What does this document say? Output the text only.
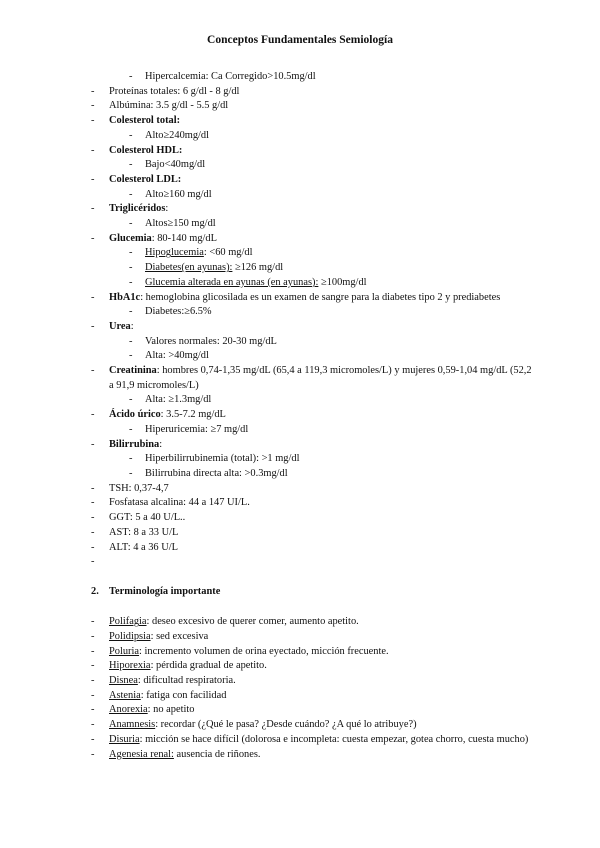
Conceptos Fundamentales Semiología
- Hipercalcemia: Ca Corregido>10.5mg/dl
- Proteínas totales: 6 g/dl - 8 g/dl
- Albúmina: 3.5 g/dl - 5.5 g/dl
- Colesterol total:
- Alto≥240mg/dl
- Colesterol HDL:
- Bajo<40mg/dl
- Colesterol LDL:
- Alto≥160 mg/dl
- Triglicéridos:
- Altos≥150 mg/dl
- Glucemia: 80-140 mg/dL
- Hipoglucemia: <60 mg/dl
- Diabetes(en ayunas): ≥126 mg/dl
- Glucemia alterada en ayunas (en ayunas): ≥100mg/dl
- HbA1c: hemoglobina glicosilada es un examen de sangre para la diabetes tipo 2 y prediabetes
- Diabetes:≥6.5%
- Urea:
- Valores normales: 20-30 mg/dL
- Alta: >40mg/dl
- Creatinina: hombres 0,74-1,35 mg/dL (65,4 a 119,3 micromoles/L) y mujeres 0,59-1,04 mg/dL (52,2 a 91,9 micromoles/L)
- Alta: ≥1.3mg/dl
- Ácido úrico: 3.5-7.2 mg/dL
- Hiperuricemia: ≥7 mg/dl
- Bilirrubina:
- Hiperbilirrubinemia (total): >1 mg/dl
- Bilirrubina directa alta: >0.3mg/dl
- TSH: 0,37-4,7
- Fosfatasa alcalina: 44 a 147 UI/L.
- GGT: 5 a 40 U/L..
- AST: 8 a 33 U/L
- ALT: 4 a 36 U/L
-
2. Terminología importante
- Polifagia: deseo excesivo de querer comer, aumento apetito.
- Polidipsia: sed excesiva
- Poluria: incremento volumen de orina eyectado, micción frecuente.
- Hiporexia: pérdida gradual de apetito.
- Disnea: dificultad respiratoria.
- Astenia: fatiga con facilidad
- Anorexia: no apetito
- Anamnesis: recordar (¿Qué le pasa? ¿Desde cuándo? ¿A qué lo atribuye?)
- Disuria: micción se hace difícil (dolorosa e incompleta: cuesta empezar, gotea chorro, cuesta mucho)
- Agenesia renal: ausencia de riñones.
